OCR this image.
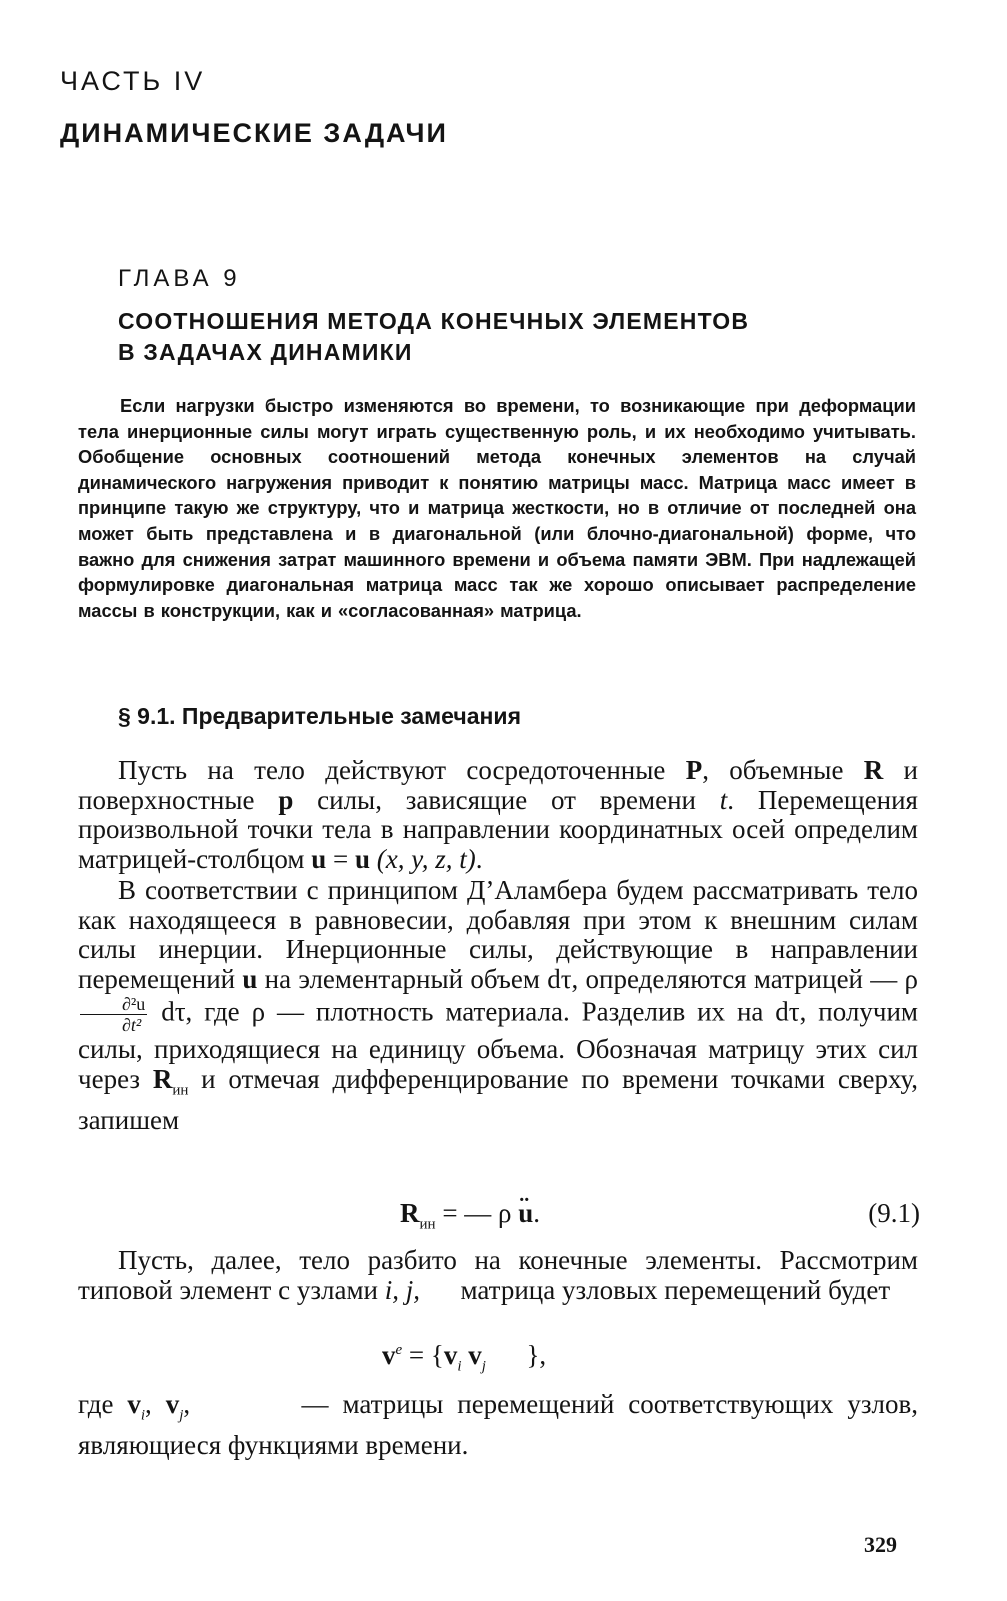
ЧАСТЬ IV
ДИНАМИЧЕСКИЕ ЗАДАЧИ
ГЛАВА 9
СООТНОШЕНИЯ МЕТОДА КОНЕЧНЫХ ЭЛЕМЕНТОВ
В ЗАДАЧАХ ДИНАМИКИ
Если нагрузки быстро изменяются во времени, то возникающие при деформации тела инерционные силы могут играть существенную роль, и их необходимо учитывать. Обобщение основных соотношений метода конечных элементов на случай динамического нагружения приводит к понятию матрицы масс. Матрица масс имеет в принципе такую же структуру, что и матрица жесткости, но в отличие от последней она может быть представлена и в диагональной (или блочно-диагональной) форме, что важно для снижения затрат машинного времени и объема памяти ЭВМ. При надлежащей формулировке диагональная матрица масс так же хорошо описывает распределение массы в конструкции, как и «согласованная» матрица.
§ 9.1. Предварительные замечания
Пусть на тело действуют сосредоточенные P, объемные R и поверхностные p силы, зависящие от времени t. Перемещения произвольной точки тела в направлении координатных осей определим матрицей-столбцом u = u (x, y, z, t).
В соответствии с принципом Д’Аламбера будем рассматривать тело как находящееся в равновесии, добавляя при этом к внешним силам силы инерции. Инерционные силы, действующие в направлении перемещений u на элементарный объем dτ, определяются матрицей — ρ
$\frac{\text{∂²u}}{\text{∂t²}} d\tau$, где ρ — плотность материала. Разделив их на dτ, получим силы, приходящиеся на единицу объема. Обозначая матрицу этих сил через $R_{ин}$ и отмечая дифференцирование по времени точками сверху, запишем
$R_{ин}$ = — ρ .. u.	(9.1)
Пусть, далее, тело разбито на конечные элементы. Рассмотрим типовой элемент с узлами i, j,      матрица узловых перемещений будет
$v^e = \{v_i$ $v_j$      },
где $v_i$, $v_j$,        — матрицы перемещений соответствующих узлов, являющиеся функциями времени.
329
